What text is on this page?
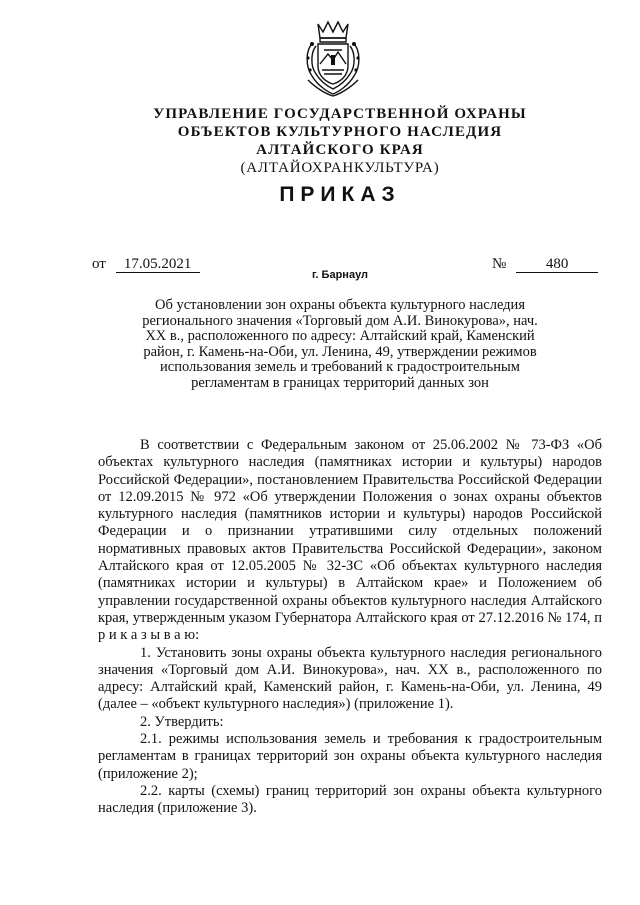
УПРАВЛЕНИЕ ГОСУДАРСТВЕННОЙ ОХРАНЫ
ОБЪЕКТОВ КУЛЬТУРНОГО НАСЛЕДИЯ
АЛТАЙСКОГО КРАЯ
(АЛТАЙОХРАНКУЛЬТУРА)
ПРИКАЗ
от 17.05.2021	№	480
г. Барнаул
Об установлении зон охраны объекта культурного наследия регионального значения «Торговый дом А.И. Винокурова», нач. XX в., расположенного по адресу: Алтайский край, Каменский район, г. Камень-на-Оби, ул. Ленина, 49, утверждении режимов использования земель и требований к градостроительным регламентам в границах территорий данных зон

В соответствии с Федеральным законом от 25.06.2002 № 73-ФЗ «Об объектах культурного наследия (памятниках истории и культуры) народов Российской Федерации», постановлением Правительства Российской Федерации от 12.09.2015 № 972 «Об утверждении Положения о зонах охраны объектов культурного наследия (памятников истории и культуры) народов Российской Федерации и о признании утратившими силу отдельных положений нормативных правовых актов Правительства Российской Федерации», законом Алтайского края от 12.05.2005 № 32-ЗС «Об объектах культурного наследия (памятниках истории и культуры) в Алтайском крае» и Положением об управлении государственной охраны объектов культурного наследия Алтайского края, утвержденным указом Губернатора Алтайского края от 27.12.2016 № 174, п р и к а з ы в а ю:

1. Установить зоны охраны объекта культурного наследия регионального значения «Торговый дом А.И. Винокурова», нач. XX в., расположенного по адресу: Алтайский край, Каменский район, г. Камень-на-Оби, ул. Ленина, 49 (далее – «объект культурного наследия») (приложение 1).

2. Утвердить:

2.1. режимы использования земель и требования к градостроительным регламентам в границах территорий зон охраны объекта культурного наследия (приложение 2);

2.2. карты (схемы) границ территорий зон охраны объекта культурного наследия (приложение 3).
